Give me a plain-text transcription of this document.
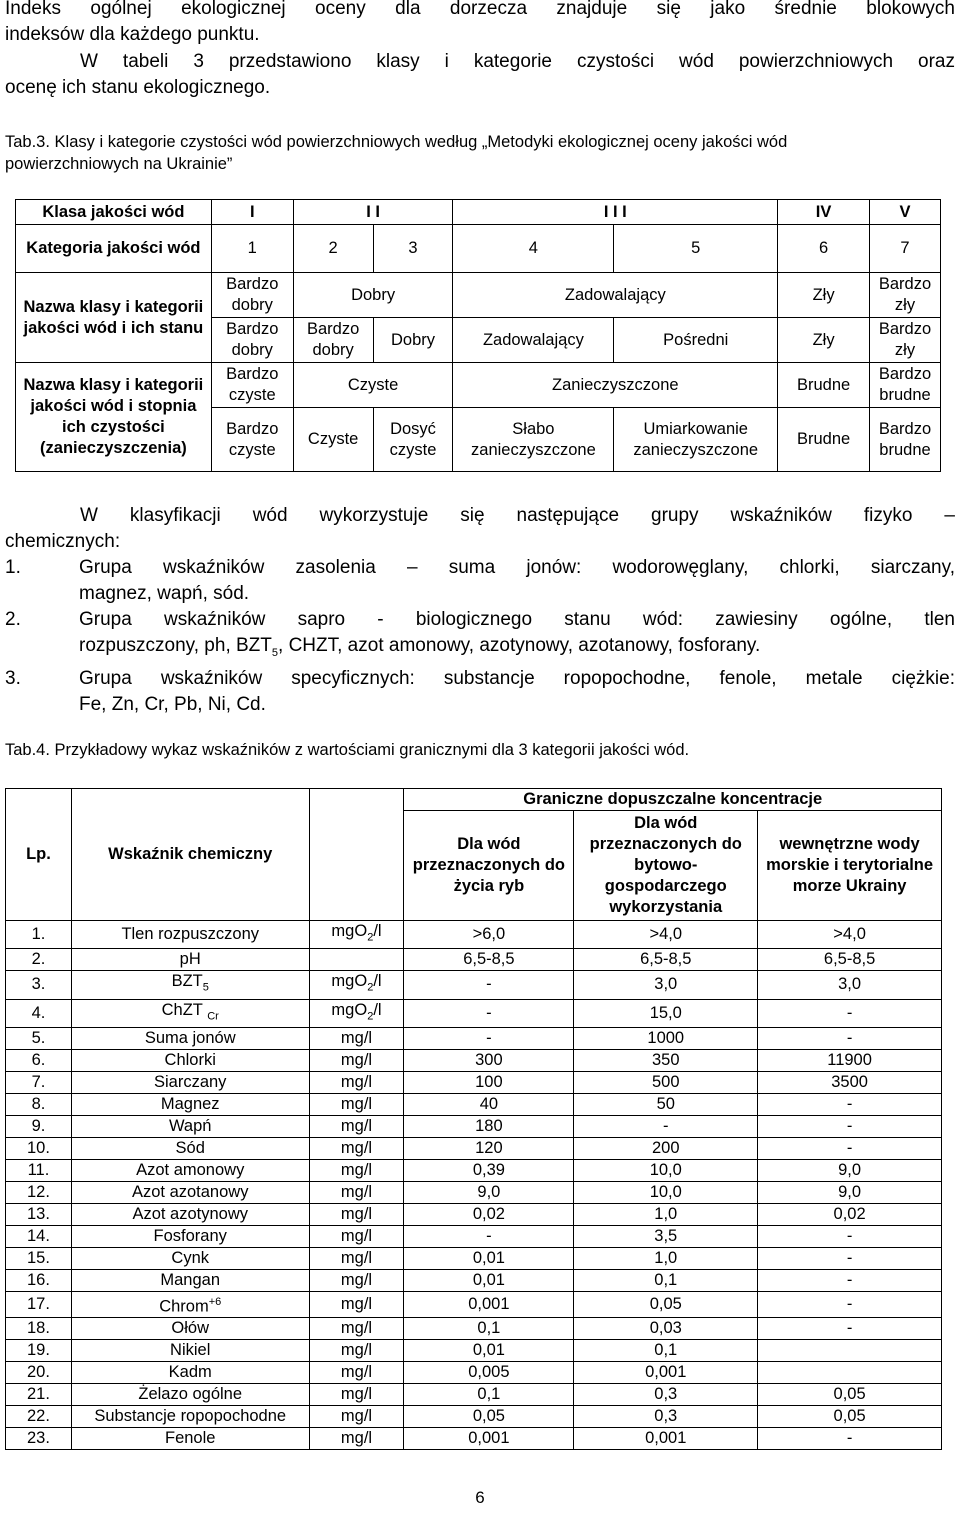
Indeks ogólnej ekologicznej oceny dla dorzecza znajduje się jako średnie blokowych

indeksów dla każdego punktu.

W tabeli 3 przedstawiono klasy i kategorie czystości wód powierzchniowych oraz

ocenę ich stanu ekologicznego.

Tab.3. Klasy i kategorie czystości wód powierzchniowych według „Metodyki ekologicznej oceny jakości wód

powierzchniowych na Ukrainie”

Klasa jakości wód	I	I I		I I I		IV	V
Kategoria jakości wód	1	2	3	4	5	6	7
Nazwa klasy i kategorii jakości wód i ich stanu	Bardzo dobry	Dobry		Zadowalający		Zły	Bardzo zły
	Bardzo dobry	Bardzo dobry	Dobry	Zadowalający	Pośredni	Zły	Bardzo zły
Nazwa klasy i kategorii jakości wód i stopnia ich czystości (zanieczyszczenia)	Bardzo czyste	Czyste		Zanieczyszczone		Brudne	Bardzo brudne
	Bardzo czyste	Czyste	Dosyć czyste	Słabo zanieczyszczone	Umiarkowanie zanieczyszczone	Brudne	Bardzo brudne

W klasyfikacji wód wykorzystuje się następujące grupy wskaźników fizyko –

chemicznych:

1.	Grupa wskaźników zasolenia – suma jonów: wodorowęglany, chlorki, siarczany,
magnez, wapń, sód.
2.	Grupa wskaźników sapro - biologicznego stanu wód: zawiesiny ogólne, tlen
rozpuszczony, ph, $BZT_5$, CHZT, azot amonowy, azotynowy, azotanowy, fosforany.
3.	Grupa wskaźników specyficznych: substancje ropopochodne, fenole, metale ciężkie:
Fe, Zn, Cr, Pb, Ni, Cd.

Tab.4. Przykładowy wykaz wskaźników z wartościami granicznymi dla 3 kategorii jakości wód.

Lp.	Wskaźnik chemiczny		Graniczne dopuszczalne koncentracje		
			Dla wód przeznaczonych do życia ryb	Dla wód przeznaczonych do bytowo-gospodarczego wykorzystania	wewnętrzne wody morskie i terytorialne morze Ukrainy
1.	Tlen rozpuszczony	mgO$_2$/l	>6,0	>4,0	>4,0
2.	pH		6,5-8,5	6,5-8,5	6,5-8,5
3.	$BZT_5$	mgO$_2$/l	-	3,0	3,0
4.	ChZT $_{Cr}$	mgO$_2$/l	-	15,0	-
5.	Suma jonów	mg/l	-	1000	-
6.	Chlorki	mg/l	300	350	11900
7.	Siarczany	mg/l	100	500	3500
8.	Magnez	mg/l	40	50	-
9.	Wapń	mg/l	180	-	-
10.	Sód	mg/l	120	200	-
11.	Azot amonowy	mg/l	0,39	10,0	9,0
12.	Azot azotanowy	mg/l	9,0	10,0	9,0
13.	Azot azotynowy	mg/l	0,02	1,0	0,02
14.	Fosforany	mg/l	-	3,5	-
15.	Cynk	mg/l	0,01	1,0	-
16.	Mangan	mg/l	0,01	0,1	-
17.	Chrom$^{+6}$	mg/l	0,001	0,05	-
18.	Ołów	mg/l	0,1	0,03	-
19.	Nikiel	mg/l	0,01	0,1	
20.	Kadm	mg/l	0,005	0,001	
21.	Żelazo ogólne	mg/l	0,1	0,3	0,05
22.	Substancje ropopochodne	mg/l	0,05	0,3	0,05
23.	Fenole	mg/l	0,001	0,001	-
6
